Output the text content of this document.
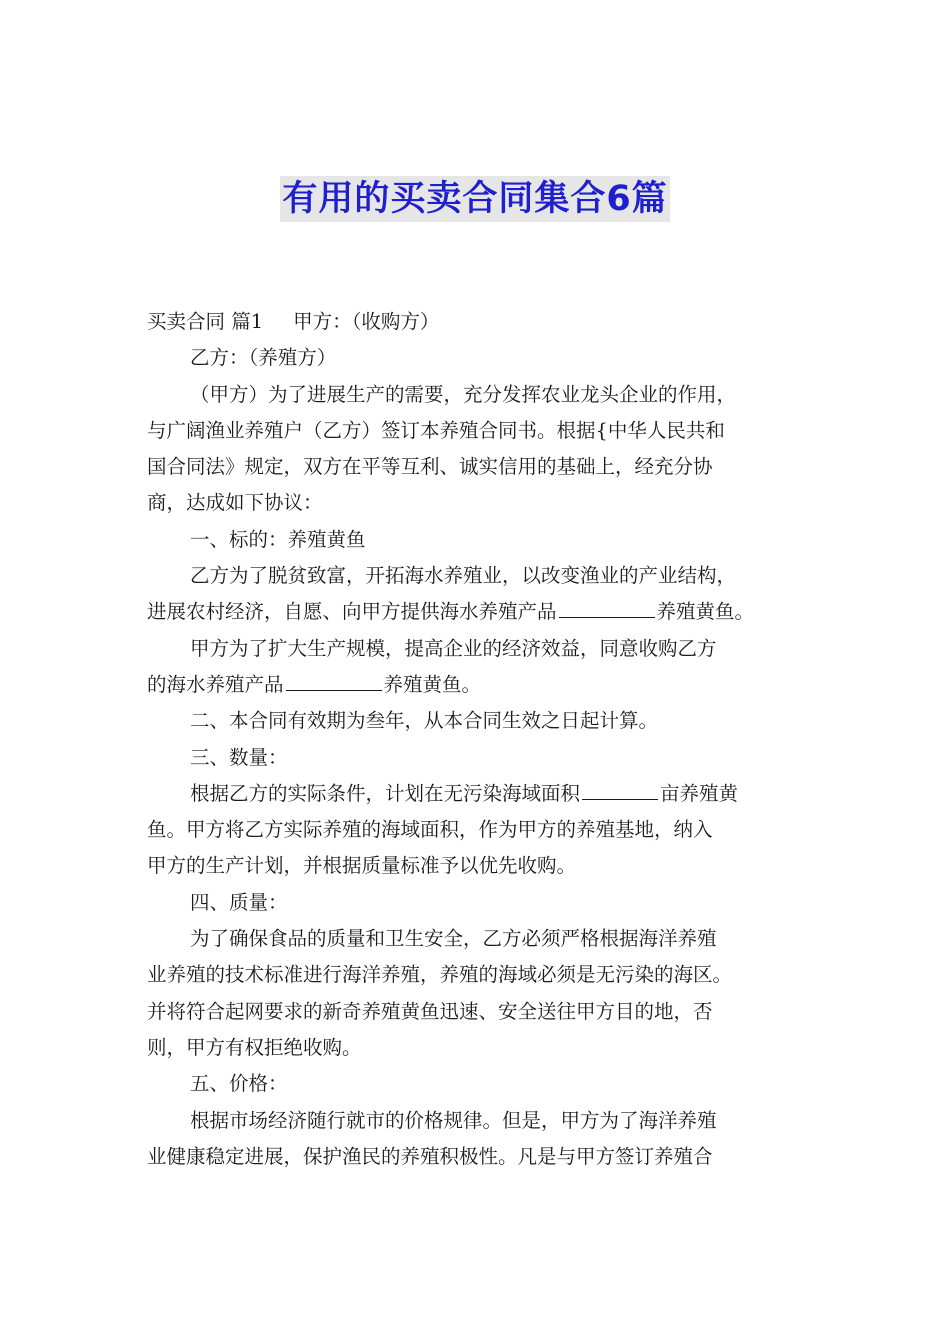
有用的买卖合同集合6篇
买卖合同 篇1 甲方：（收购方）
乙方：（养殖方）
（甲方）为了进展生产的需要，充分发挥农业龙头企业的作用，
与广阔渔业养殖户（乙方）签订本养殖合同书。根据{中华人民共和
国合同法》规定，双方在平等互利、诚实信用的基础上，经充分协
商，达成如下协议：
一、标的：养殖黄鱼
乙方为了脱贫致富，开拓海水养殖业，以改变渔业的产业结构，
进展农村经济，自愿、向甲方提供海水养殖产品	养殖黄鱼。
甲方为了扩大生产规模，提高企业的经济效益，同意收购乙方
的海水养殖产品	养殖黄鱼。
二、本合同有效期为叁年，从本合同生效之日起计算。
三、数量：
根据乙方的实际条件，计划在无污染海域面积	亩养殖黄
鱼。甲方将乙方实际养殖的海域面积，作为甲方的养殖基地，纳入
甲方的生产计划，并根据质量标准予以优先收购。
四、质量：
为了确保食品的质量和卫生安全，乙方必须严格根据海洋养殖
业养殖的技术标准进行海洋养殖，养殖的海域必须是无污染的海区。
并将符合起网要求的新奇养殖黄鱼迅速、安全送往甲方目的地，否
则，甲方有权拒绝收购。
五、价格：
根据市场经济随行就市的价格规律。但是，甲方为了海洋养殖
业健康稳定进展，保护渔民的养殖积极性。凡是与甲方签订养殖合
